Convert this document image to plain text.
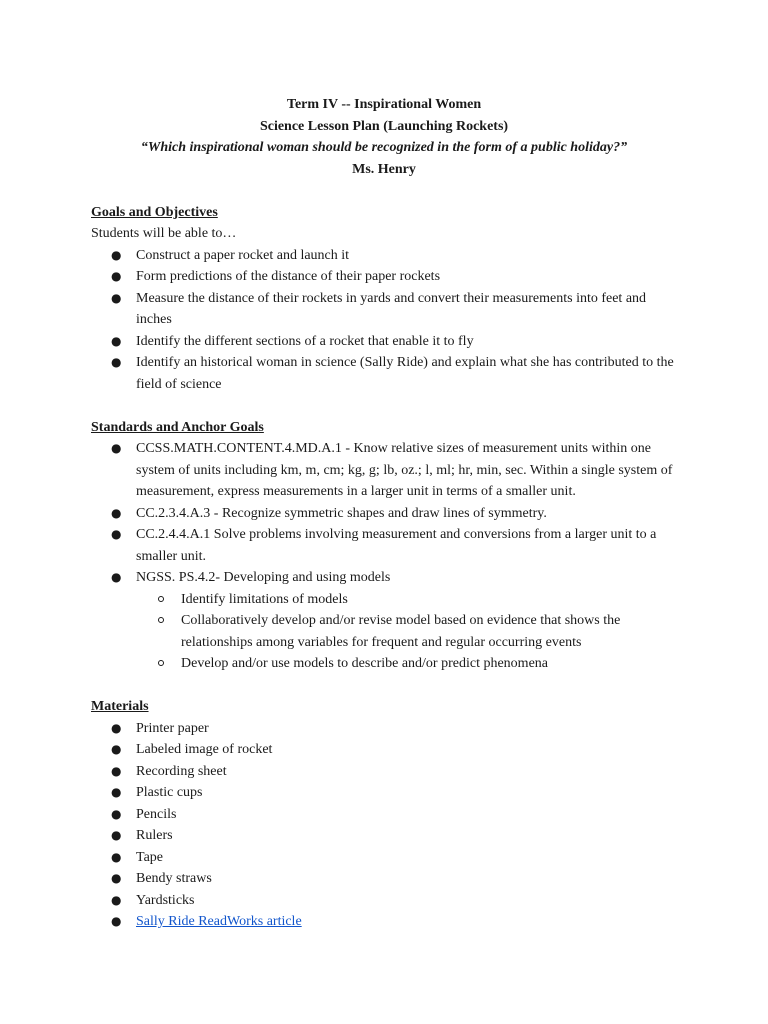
Term IV -- Inspirational Women
Science Lesson Plan (Launching Rockets)
“Which inspirational woman should be recognized in the form of a public holiday?”
Ms. Henry
Goals and Objectives
Students will be able to…
● Construct a paper rocket and launch it
● Form predictions of the distance of their paper rockets
● Measure the distance of their rockets in yards and convert their measurements into feet and inches
● Identify the different sections of a rocket that enable it to fly
● Identify an historical woman in science (Sally Ride) and explain what she has contributed to the field of science
Standards and Anchor Goals
● CCSS.MATH.CONTENT.4.MD.A.1 - Know relative sizes of measurement units within one system of units including km, m, cm; kg, g; lb, oz.; l, ml; hr, min, sec. Within a single system of measurement, express measurements in a larger unit in terms of a smaller unit.
● CC.2.3.4.A.3 - Recognize symmetric shapes and draw lines of symmetry.
● CC.2.4.4.A.1 Solve problems involving measurement and conversions from a larger unit to a smaller unit.
● NGSS. PS.4.2- Developing and using models
Identify limitations of models
Collaboratively develop and/or revise model based on evidence that shows the relationships among variables for frequent and regular occurring events
Develop and/or use models to describe and/or predict phenomena
Materials
● Printer paper
● Labeled image of rocket
● Recording sheet
● Plastic cups
● Pencils
● Rulers
● Tape
● Bendy straws
● Yardsticks
● Sally Ride ReadWorks article
